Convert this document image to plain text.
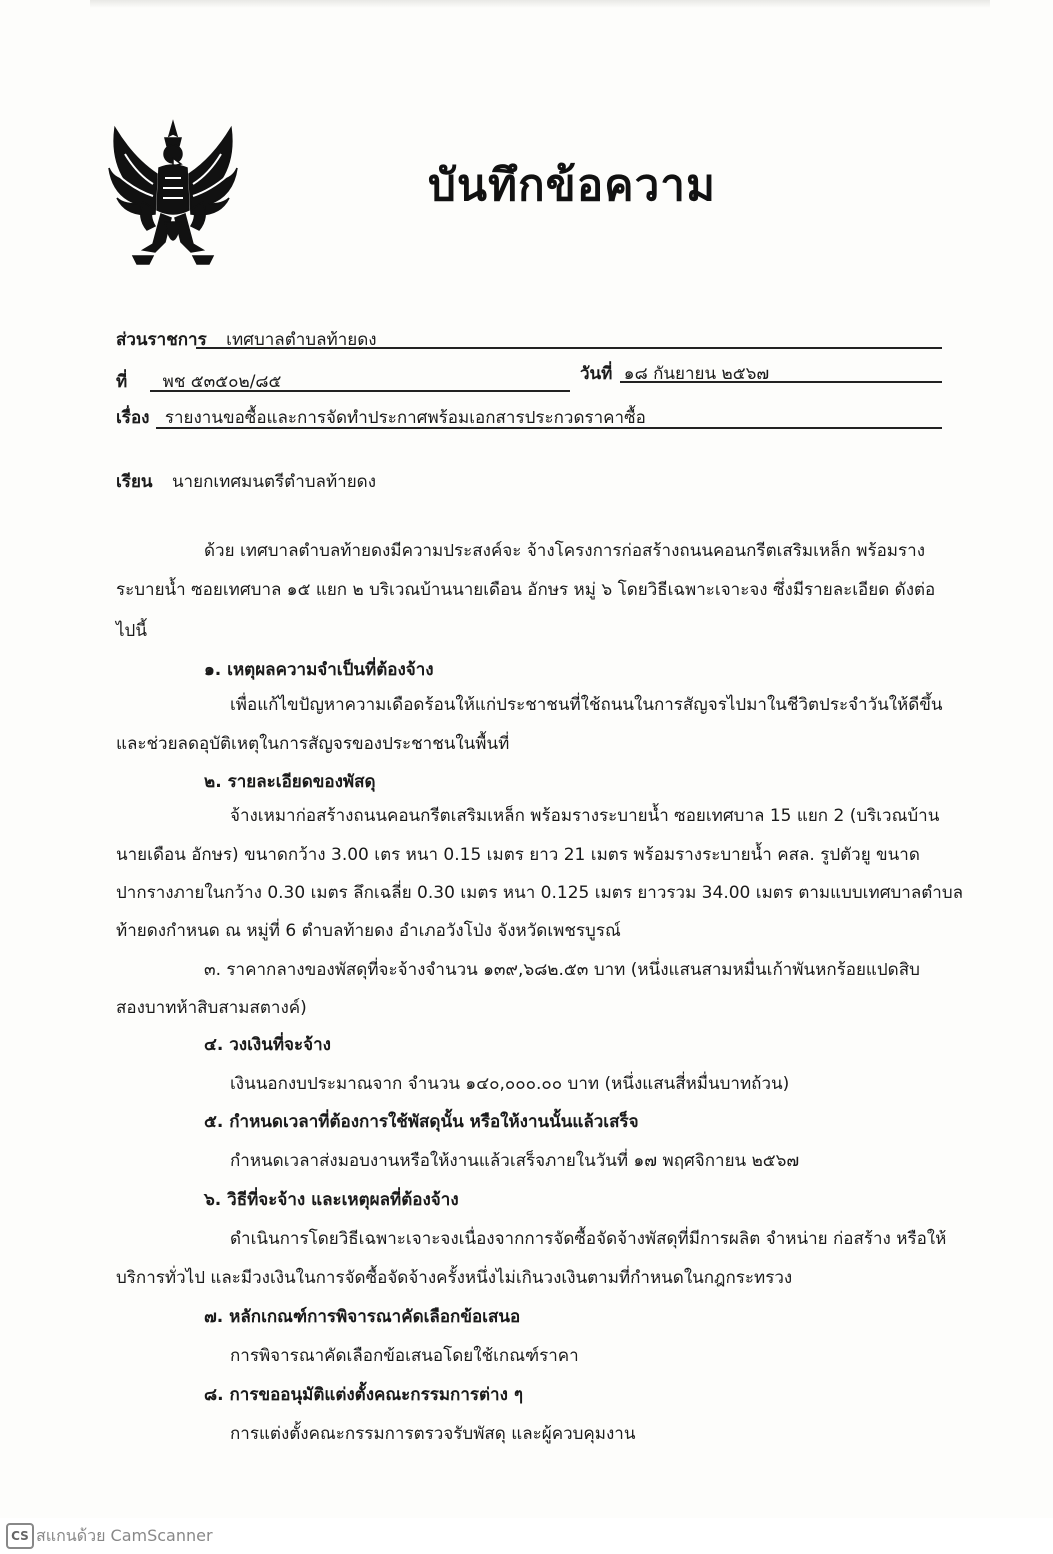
บันทึกข้อความ
ส่วนราชการ เทศบาลตำบลท้ายดง
ที่ พช ๕๓๕๐๒/๘๕	วันที่ ๑๘ กันยายน ๒๕๖๗
เรื่อง รายงานขอซื้อและการจัดทำประกาศพร้อมเอกสารประกวดราคาซื้อ
เรียน นายกเทศมนตรีตำบลท้ายดง
ด้วย เทศบาลตำบลท้ายดงมีความประสงค์จะ จ้างโครงการก่อสร้างถนนคอนกรีตเสริมเหล็ก พร้อมราง
ระบายน้ำ ซอยเทศบาล ๑๕ แยก ๒ บริเวณบ้านนายเดือน อักษร หมู่ ๖ โดยวิธีเฉพาะเจาะจง ซึ่งมีรายละเอียด ดังต่อ
ไปนี้
๑. เหตุผลความจำเป็นที่ต้องจ้าง
เพื่อแก้ไขปัญหาความเดือดร้อนให้แก่ประชาชนที่ใช้ถนนในการสัญจรไปมาในชีวิตประจำวันให้ดีขึ้น
และช่วยลดอุบัติเหตุในการสัญจรของประชาชนในพื้นที่
๒. รายละเอียดของพัสดุ
จ้างเหมาก่อสร้างถนนคอนกรีตเสริมเหล็ก พร้อมรางระบายน้ำ ซอยเทศบาล 15 แยก 2 (บริเวณบ้าน
นายเดือน อักษร) ขนาดกว้าง 3.00 เตร หนา 0.15 เมตร ยาว 21 เมตร พร้อมรางระบายน้ำ คสล. รูปตัวยู ขนาด
ปากรางภายในกว้าง 0.30 เมตร ลึกเฉลี่ย 0.30 เมตร หนา 0.125 เมตร ยาวรวม 34.00 เมตร ตามแบบเทศบาลตำบล
ท้ายดงกำหนด ณ หมู่ที่ 6 ตำบลท้ายดง อำเภอวังโป่ง จังหวัดเพชรบูรณ์
๓. ราคากลางของพัสดุที่จะจ้างจำนวน ๑๓๙,๖๘๒.๕๓ บาท (หนึ่งแสนสามหมื่นเก้าพันหกร้อยแปดสิบ
สองบาทห้าสิบสามสตางค์)
๔. วงเงินที่จะจ้าง
เงินนอกงบประมาณจาก จำนวน ๑๔๐,๐๐๐.๐๐ บาท (หนึ่งแสนสี่หมื่นบาทถ้วน)
๕. กำหนดเวลาที่ต้องการใช้พัสดุนั้น หรือให้งานนั้นแล้วเสร็จ
กำหนดเวลาส่งมอบงานหรือให้งานแล้วเสร็จภายในวันที่ ๑๗ พฤศจิกายน ๒๕๖๗
๖. วิธีที่จะจ้าง และเหตุผลที่ต้องจ้าง
ดำเนินการโดยวิธีเฉพาะเจาะจงเนื่องจากการจัดซื้อจัดจ้างพัสดุที่มีการผลิต จำหน่าย ก่อสร้าง หรือให้
บริการทั่วไป และมีวงเงินในการจัดซื้อจัดจ้างครั้งหนึ่งไม่เกินวงเงินตามที่กำหนดในกฎกระทรวง
๗. หลักเกณฑ์การพิจารณาคัดเลือกข้อเสนอ
การพิจารณาคัดเลือกข้อเสนอโดยใช้เกณฑ์ราคา
๘. การขออนุมัติแต่งตั้งคณะกรรมการต่าง ๆ
การแต่งตั้งคณะกรรมการตรวจรับพัสดุ และผู้ควบคุมงาน
CS สแกนด้วย CamScanner
